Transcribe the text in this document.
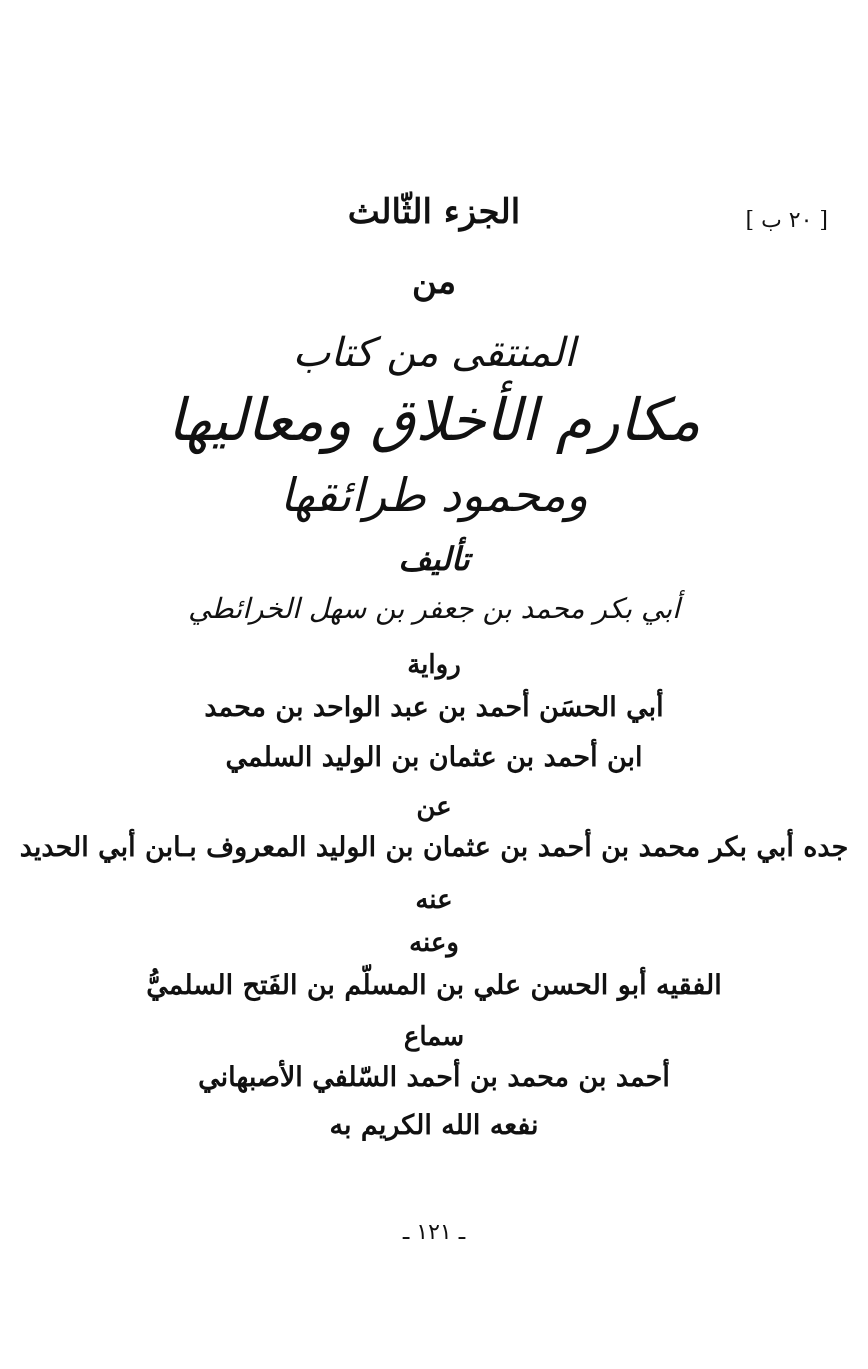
[ ٢٠ ب ]
الجزء الثّالث
من
المنتقى من كتاب
مكارم الأخلاق ومعاليها
ومحمود طرائقها
تأليف
أبي بكر محمد بن جعفر بن سهل الخرائطي
رواية
أبي الحسَن أحمد بن عبد الواحد بن محمد
ابن أحمد بن عثمان بن الوليد السلمي
عن
جده أبي بكر محمد بن أحمد بن عثمان بن الوليد المعروف بـابن أبي الحديد
عنه
وعنه
الفقيه أبو الحسن علي بن المسلّم بن الفَتح السلميُّ
سماع
أحمد بن محمد بن أحمد السّلفي الأصبهاني
نفعه الله الكريم به
ـ ١٢١ ـ
